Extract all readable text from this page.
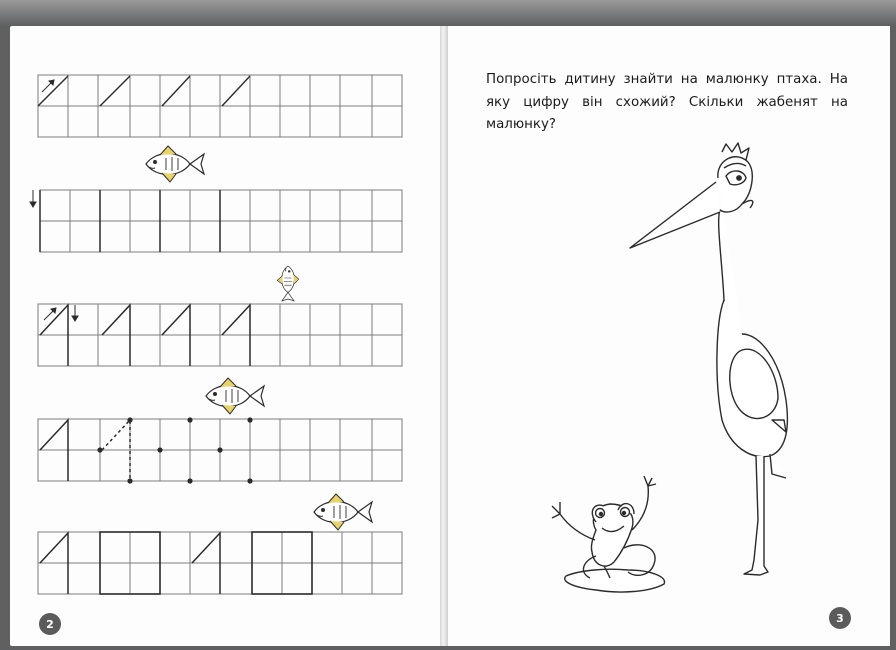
Попросіть дитину знайти на малюнку птаха. На яку цифру він схожий? Скільки жабенят на малюнку?

2	3
